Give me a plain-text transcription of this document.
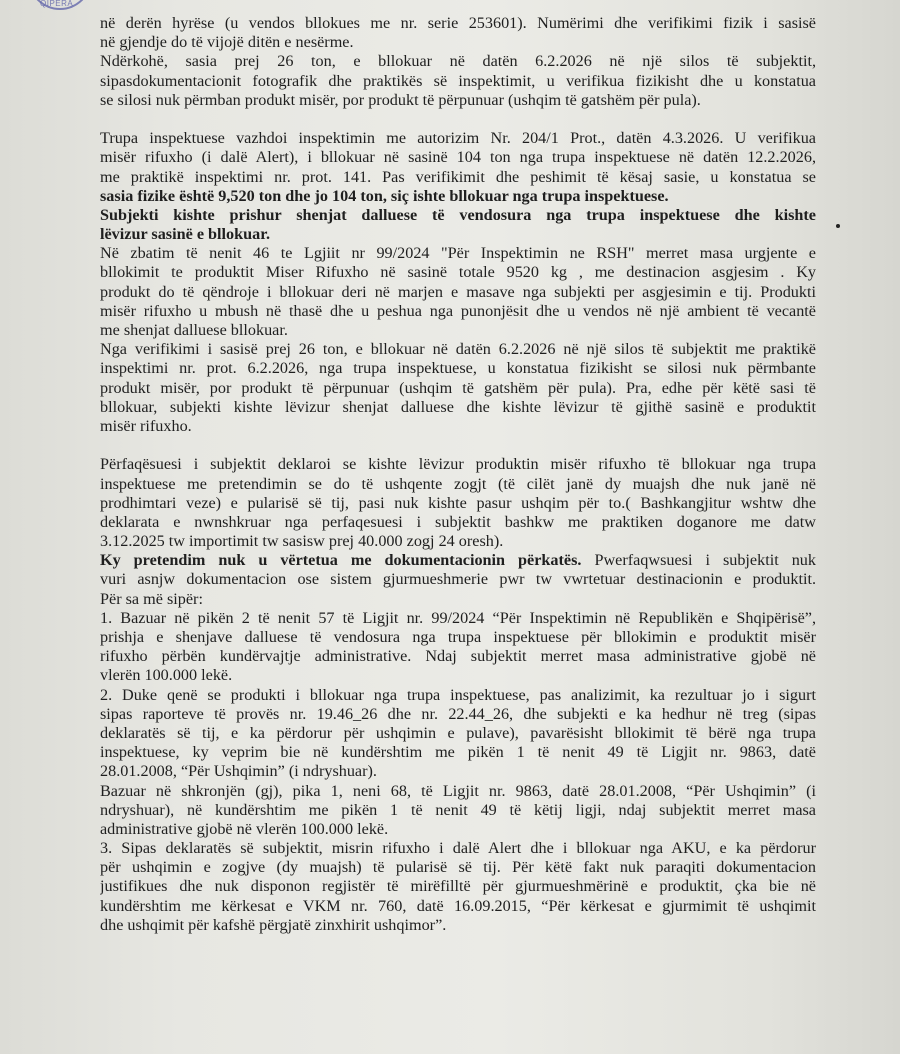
QIPERA
në derën hyrëse (u vendos bllokues me nr. serie 253601). Numërimi dhe verifikimi fizik i sasisë
në gjendje do të vijojë ditën e nesërme.
Ndërkohë, sasia prej 26 ton, e bllokuar në datën 6.2.2026 në një silos të subjektit,
sipasdokumentacionit fotografik dhe praktikës së inspektimit, u verifikua fizikisht dhe u konstatua
se silosi nuk përmban produkt misër, por produkt të përpunuar (ushqim të gatshëm për pula).
Trupa inspektuese vazhdoi inspektimin me autorizim Nr. 204/1 Prot., datën 4.3.2026. U verifikua
misër rifuxho (i dalë Alert), i bllokuar në sasinë 104 ton nga trupa inspektuese në datën 12.2.2026,
me praktikë inspektimi nr. prot. 141. Pas verifikimit dhe peshimit të kësaj sasie, u konstatua se
sasia fizike është 9,520 ton dhe jo 104 ton, siç ishte bllokuar nga trupa inspektuese.
Subjekti kishte prishur shenjat dalluese të vendosura nga trupa inspektuese dhe kishte
lëvizur sasinë e bllokuar.
Në zbatim të nenit 46 te Lgjiit nr 99/2024 "Për Inspektimin ne RSH" merret masa urgjente e
bllokimit te produktit Miser Rifuxho në sasinë totale 9520 kg , me destinacion asgjesim . Ky
produkt do të qëndroje i bllokuar deri në marjen e masave nga subjekti per asgjesimin e tij. Produkti
misër rifuxho u mbush në thasë dhe u peshua nga punonjësit dhe u vendos në një ambient të vecantë
me shenjat dalluese bllokuar.
Nga verifikimi i sasisë prej 26 ton, e bllokuar në datën 6.2.2026 në një silos të subjektit me praktikë
inspektimi nr. prot. 6.2.2026, nga trupa inspektuese, u konstatua fizikisht se silosi nuk përmbante
produkt misër, por produkt të përpunuar (ushqim të gatshëm për pula). Pra, edhe për këtë sasi të
bllokuar, subjekti kishte lëvizur shenjat dalluese dhe kishte lëvizur të gjithë sasinë e produktit
misër rifuxho.
Përfaqësuesi i subjektit deklaroi se kishte lëvizur produktin misër rifuxho të bllokuar nga trupa
inspektuese me pretendimin se do të ushqente zogjt (të cilët janë dy muajsh dhe nuk janë në
prodhimtari veze) e pularisë së tij, pasi nuk kishte pasur ushqim për to.( Bashkangjitur wshtw dhe
deklarata e nwnshkruar nga perfaqesuesi i subjektit bashkw me praktiken doganore me datw
3.12.2025 tw importimit tw sasisw prej 40.000 zogj 24 oresh).
Ky pretendim nuk u vërtetua me dokumentacionin përkatës. Pwerfaqwsuesi i subjektit nuk
vuri asnjw dokumentacion ose sistem gjurmueshmerie pwr tw vwrtetuar destinacionin e produktit.
Për sa më sipër:
1. Bazuar në pikën 2 të nenit 57 të Ligjit nr. 99/2024 “Për Inspektimin në Republikën e Shqipërisë”,
prishja e shenjave dalluese të vendosura nga trupa inspektuese për bllokimin e produktit misër
rifuxho përbën kundërvajtje administrative. Ndaj subjektit merret masa administrative gjobë në
vlerën 100.000 lekë.
2. Duke qenë se produkti i bllokuar nga trupa inspektuese, pas analizimit, ka rezultuar jo i sigurt
sipas raporteve të provës nr. 19.46_26 dhe nr. 22.44_26, dhe subjekti e ka hedhur në treg (sipas
deklaratës së tij, e ka përdorur për ushqimin e pulave), pavarësisht bllokimit të bërë nga trupa
inspektuese, ky veprim bie në kundërshtim me pikën 1 të nenit 49 të Ligjit nr. 9863, datë
28.01.2008, “Për Ushqimin” (i ndryshuar).
Bazuar në shkronjën (gj), pika 1, neni 68, të Ligjit nr. 9863, datë 28.01.2008, “Për Ushqimin” (i
ndryshuar), në kundërshtim me pikën 1 të nenit 49 të këtij ligji, ndaj subjektit merret masa
administrative gjobë në vlerën 100.000 lekë.
3. Sipas deklaratës së subjektit, misrin rifuxho i dalë Alert dhe i bllokuar nga AKU, e ka përdorur
për ushqimin e zogjve (dy muajsh) të pularisë së tij. Për këtë fakt nuk paraqiti dokumentacion
justifikues dhe nuk disponon regjistër të mirëfilltë për gjurmueshmërinë e produktit, çka bie në
kundërshtim me kërkesat e VKM nr. 760, datë 16.09.2015, “Për kërkesat e gjurmimit të ushqimit
dhe ushqimit për kafshë përgjatë zinxhirit ushqimor”.
